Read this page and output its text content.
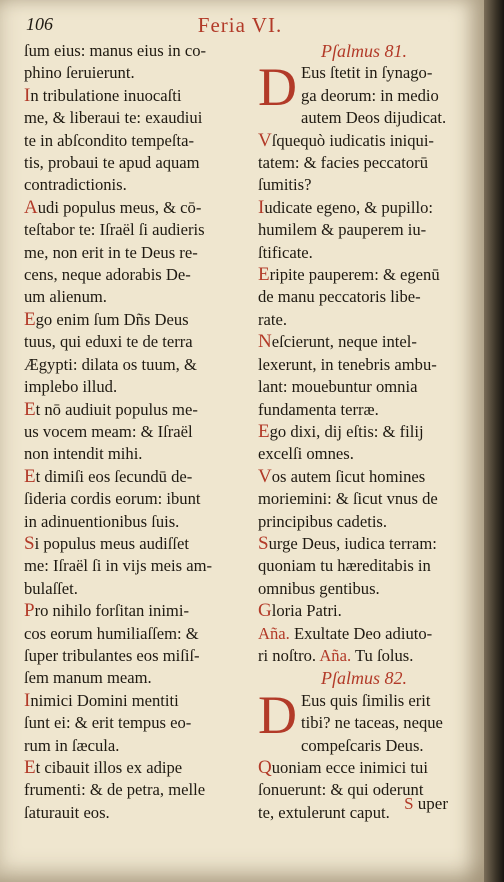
106	Feria VI.
ſum eius: manus eius in co-
phino ſeruierunt.
In tribulatione inuocaſti
me, & liberaui te: exaudiui
te in abſcondito tempeſta-
tis, probaui te apud aquam
contradictionis.
Audi populus meus, & cō-
teſtabor te: Iſraël ſi audieris
me, non erit in te Deus re-
cens, neque adorabis De-
um alienum.
Ego enim ſum Dñs Deus
tuus, qui eduxi te de terra
Ægypti: dilata os tuum, &
implebo illud.
Et nō audiuit populus me-
us vocem meam: & Iſraël
non intendit mihi.
Et dimiſi eos ſecundū de-
ſideria cordis eorum: ibunt
in adinuentionibus ſuis.
Si populus meus audiſſet
me: Iſraël ſi in vijs meis am-
bulaſſet.
Pro nihilo forſitan inimi-
cos eorum humiliaſſem: &
ſuper tribulantes eos miſiſ-
ſem manum meam.
Inimici Domini mentiti
ſunt ei: & erit tempus eo-
rum in ſæcula.
Et cibauit illos ex adipe
frumenti: & de petra, melle
ſaturauit eos.
Pſalmus 81.
D Eus ſtetit in ſynago-
ga deorum: in medio
autem Deos dijudicat.
Vſquequò iudicatis iniqui-
tatem: & facies peccatorū
ſumitis?
Iudicate egeno, & pupillo:
humilem & pauperem iu-
ſtificate.
Eripite pauperem: & egenū
de manu peccatoris libe-
rate.
Neſcierunt, neque intel-
lexerunt, in tenebris ambu-
lant: mouebuntur omnia
fundamenta terræ.
Ego dixi, dij eſtis: & filij
excelſi omnes.
Vos autem ſicut homines
moriemini: & ſicut vnus de
principibus cadetis.
Surge Deus, iudica terram:
quoniam tu hæreditabis in
omnibus gentibus.
Gloria Patri.
Aña. Exultate Deo adiuto-
ri noſtro. Aña. Tu ſolus.
Pſalmus 82.
D Eus quis ſimilis erit
tibi? ne taceas, neque
compeſcaris Deus.
Quoniam ecce inimici tui
ſonuerunt: & qui oderunt
te, extulerunt caput. S uper
